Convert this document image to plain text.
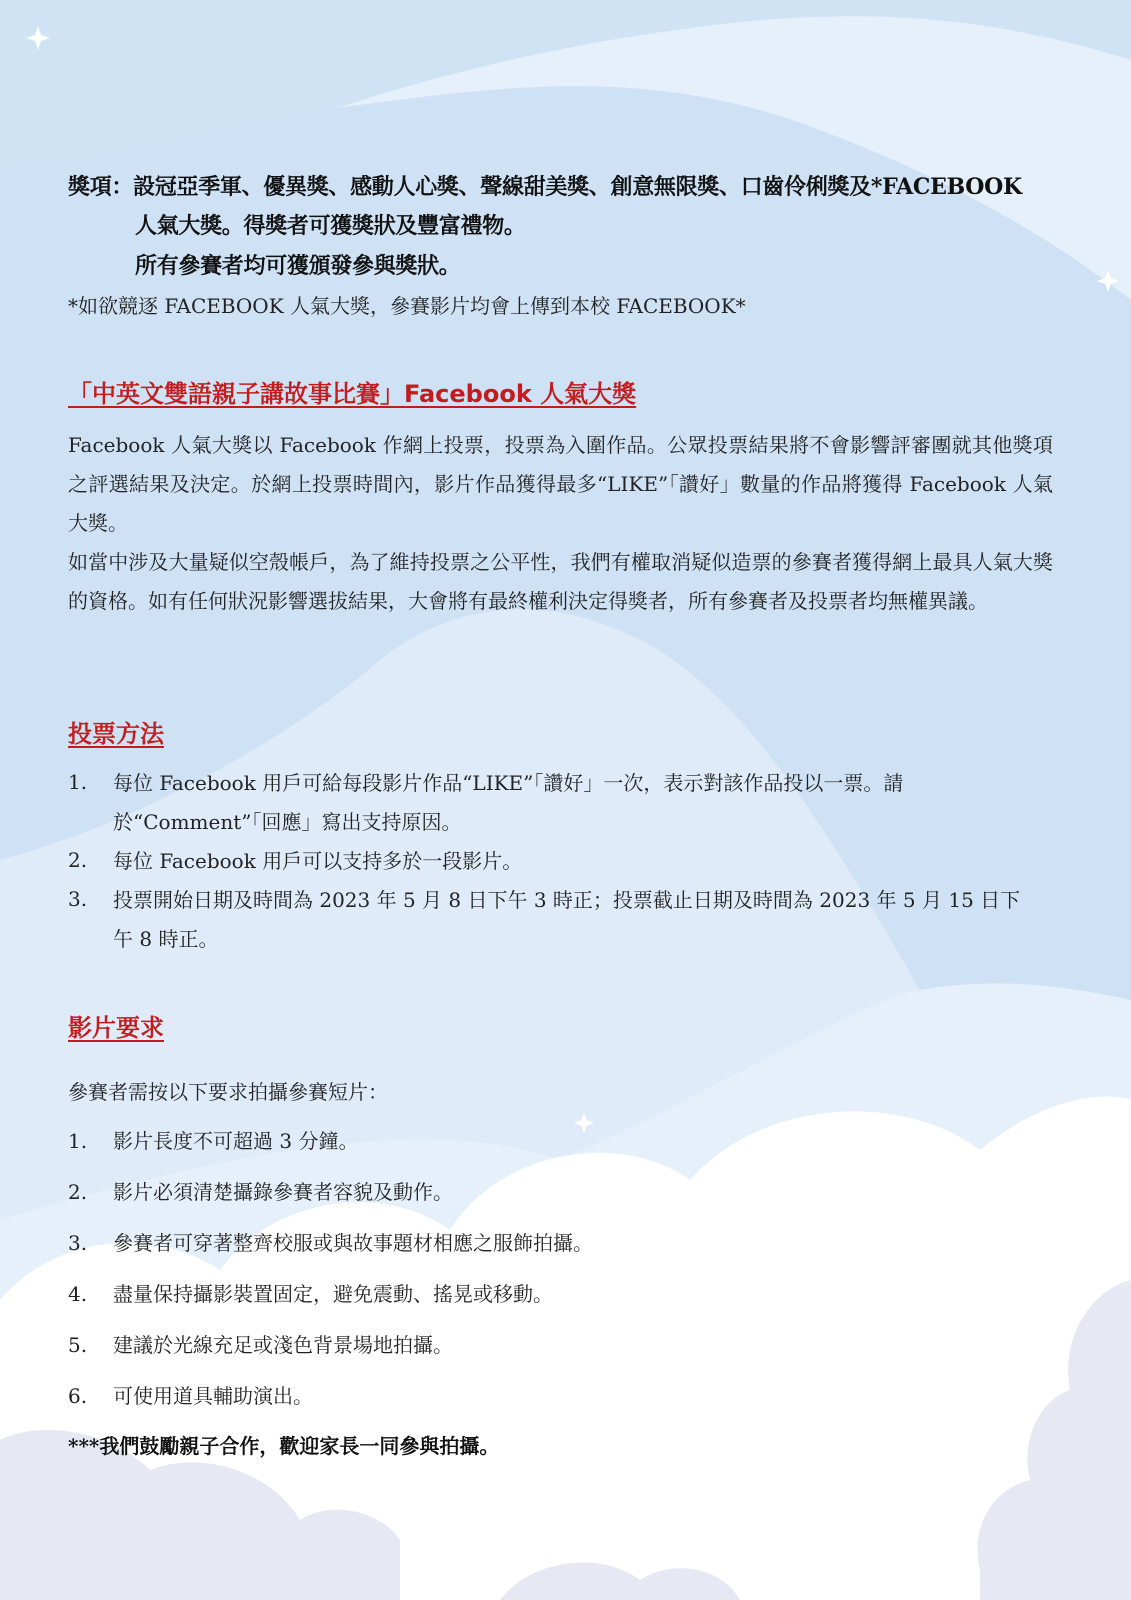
獎項：設冠亞季軍、優異獎、感動人心獎、聲線甜美獎、創意無限獎、口齒伶俐獎及*FACEBOOK
人氣大獎。得獎者可獲獎狀及豐富禮物。
所有參賽者均可獲頒發參與獎狀。
*如欲競逐 FACEBOOK 人氣大獎，參賽影片均會上傳到本校 FACEBOOK*
「中英文雙語親子講故事比賽」Facebook 人氣大獎
Facebook 人氣大獎以 Facebook 作網上投票，投票為入圍作品。公眾投票結果將不會影響評審團就其他獎項之評選結果及決定。於網上投票時間內，影片作品獲得最多“LIKE”「讚好」數量的作品將獲得 Facebook 人氣大獎。
如當中涉及大量疑似空殼帳戶，為了維持投票之公平性，我們有權取消疑似造票的參賽者獲得網上最具人氣大獎的資格。如有任何狀況影響選拔結果，大會將有最終權利決定得獎者，所有參賽者及投票者均無權異議。
投票方法
1.	每位 Facebook 用戶可給每段影片作品“LIKE”「讚好」一次，表示對該作品投以一票。請於“Comment”「回應」寫出支持原因。
2.	每位 Facebook 用戶可以支持多於一段影片。
3.	投票開始日期及時間為 2023 年 5 月 8 日下午 3 時正；投票截止日期及時間為 2023 年 5 月 15 日下午 8 時正。
影片要求
參賽者需按以下要求拍攝參賽短片：
1.	影片長度不可超過 3 分鐘。
2.	影片必須清楚攝錄參賽者容貌及動作。
3.	參賽者可穿著整齊校服或與故事題材相應之服飾拍攝。
4.	盡量保持攝影裝置固定，避免震動、搖晃或移動。
5.	建議於光線充足或淺色背景場地拍攝。
6.	可使用道具輔助演出。
***我們鼓勵親子合作，歡迎家長一同參與拍攝。
